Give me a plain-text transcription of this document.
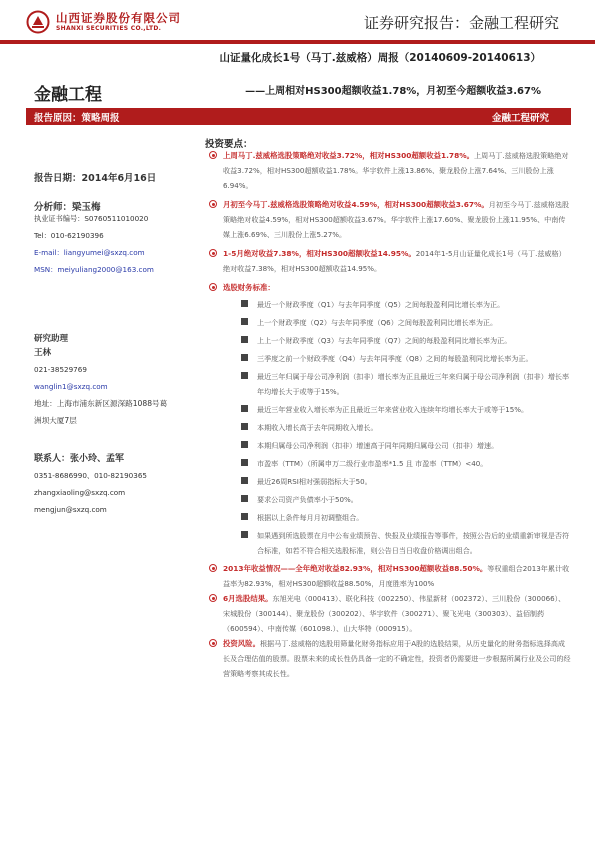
山西证券股份有限公司
SHANXI SECURITIES CO.,LTD.	证券研究报告：金融工程研究
山证量化成长1号（马丁.兹威格）周报（20140609-20140613）
金融工程	——上周相对HS300超额收益1.78%，月初至今超额收益3.67%
报告原因：策略周报	金融工程研究
报告日期：2014年6月16日
分析师：梁玉梅
执业证书编号：S0760511010020
Tel：010-62190396
E-mail：liangyumei@sxzq.com
MSN：meiyuliang2000@163.com
研究助理
王林
021-38529769
wanglin1@sxzq.com
地址：上海市浦东新区源深路1088号葛
洲坝大厦7层
联系人：张小玲、孟军
0351-8686990、010-82190365
zhangxiaoling@sxzq.com
mengjun@sxzq.com
投资要点：
上周马丁.兹威格选股策略绝对收益3.72%，相对HS300超额收益1.78%。上周马丁.兹威格选股策略绝对收益3.72%，相对HS300超额收益1.78%。华宇软件上涨13.86%、聚龙股份上涨7.64%、三川股份上涨6.94%。
月初至今马丁.兹威格选股策略绝对收益4.59%，相对HS300超额收益3.67%。月初至今马丁.兹威格选股策略绝对收益4.59%，相对HS300超额收益3.67%。华宇软件上涨17.60%、聚龙股份上涨11.95%、中南传媒上涨6.69%、三川股份上涨5.27%。
1-5月绝对收益7.38%，相对HS300超额收益14.95%。2014年1-5月山证量化成长1号（马丁.兹威格）绝对收益7.38%，相对HS300超额收益14.95%。
选股财务标准：
最近一个财政季度（Q1）与去年同季度（Q5）之间每股盈利同比增长率为正。
上一个财政季度（Q2）与去年同季度（Q6）之间每股盈利同比增长率为正。
上上一个财政季度（Q3）与去年同季度（Q7）之间的每股盈利同比增长率为正。
三季度之前一个财政季度（Q4）与去年同季度（Q8）之间的每股盈利同比增长率为正。
最近三年归属于母公司净利润（扣非）增长率为正且最近三年来归属于母公司净利润（扣非）增长率年均增长大于或等于15%。
最近三年营业收入增长率为正且最近三年来营业收入连续年均增长率大于或等于15%。
本期收入增长高于去年同期收入增长。
本期归属母公司净利润（扣非）增速高于同年同期归属母公司（扣非）增速。
市盈率（TTM）（所属申万二级行业市盈率*1.5 且 市盈率（TTM）<40。
最近26周RSI相对强弱指标大于50。
要求公司资产负债率小于50%。
根据以上条件每月月初调整组合。
如果遇到所选股票在月中公布业绩预告、快报及业绩报告等事件，按照公告后的业绩重新审视是否符合标准，如若不符合相关选股标准，则公告日当日收盘价格调出组合。
2013年收益情况——全年绝对收益82.93%，相对HS300超额收益88.50%。等权重组合2013年累计收益率为82.93%，相对HS300超额收益88.50%，月度胜率为100%
6月选股结果。东旭光电（000413）、联化科技（002250）、伟星新材（002372）、三川股份（300066）、宋城股份（300144）、聚龙股份（300202）、华宇软件（300271）、聚飞光电（300303）、益佰制药（600594）、中南传媒（601098.）、山大华特（000915）。
投资风险。根据马丁.兹威格的选股用筛量化财务指标应用于A股的选股结果，从历史量化的财务指标选择高成长及合理估值的股票。股票未来的成长性仍具备一定的不确定性，投资者仍需要进一步根据所属行业及公司的经营策略考察其成长性。
